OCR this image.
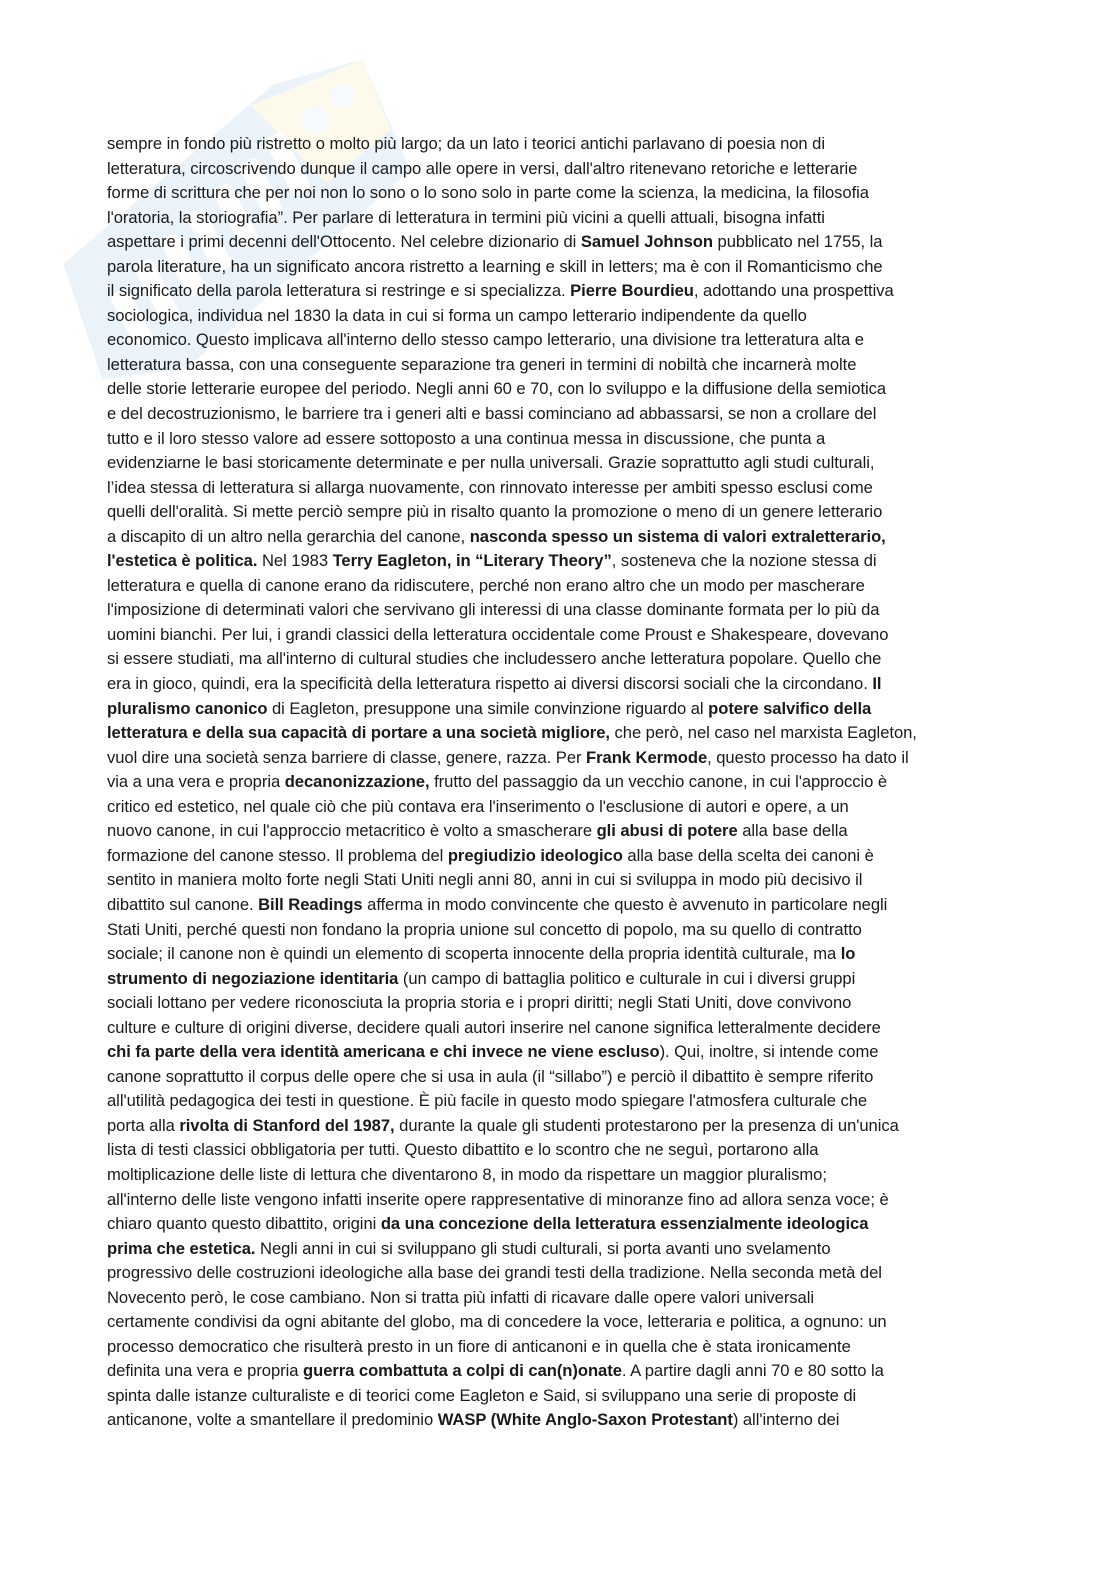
sempre in fondo più ristretto o molto più largo; da un lato i teorici antichi parlavano di poesia non di
letteratura, circoscrivendo dunque il campo alle opere in versi, dall'altro ritenevano retoriche e letterarie
forme di scrittura che per noi non lo sono o lo sono solo in parte come la scienza, la medicina, la filosofia
l'oratoria, la storiografia”. Per parlare di letteratura in termini più vicini a quelli attuali, bisogna infatti
aspettare i primi decenni dell'Ottocento. Nel celebre dizionario di Samuel Johnson pubblicato nel 1755, la
parola literature, ha un significato ancora ristretto a learning e skill in letters; ma è con il Romanticismo che
il significato della parola letteratura si restringe e si specializza. Pierre Bourdieu, adottando una prospettiva
sociologica, individua nel 1830 la data in cui si forma un campo letterario indipendente da quello
economico. Questo implicava all'interno dello stesso campo letterario, una divisione tra letteratura alta e
letteratura bassa, con una conseguente separazione tra generi in termini di nobiltà che incarnerà molte
delle storie letterarie europee del periodo. Negli anni 60 e 70, con lo sviluppo e la diffusione della semiotica
e del decostruzionismo, le barriere tra i generi alti e bassi cominciano ad abbassarsi, se non a crollare del
tutto e il loro stesso valore ad essere sottoposto a una continua messa in discussione, che punta a
evidenziarne le basi storicamente determinate e per nulla universali. Grazie soprattutto agli studi culturali,
l’idea stessa di letteratura si allarga nuovamente, con rinnovato interesse per ambiti spesso esclusi come
quelli dell'oralità. Si mette perciò sempre più in risalto quanto la promozione o meno di un genere letterario
a discapito di un altro nella gerarchia del canone, nasconda spesso un sistema di valori extraletterario,
l'estetica è politica. Nel 1983 Terry Eagleton, in “Literary Theory”, sosteneva che la nozione stessa di
letteratura e quella di canone erano da ridiscutere, perché non erano altro che un modo per mascherare
l'imposizione di determinati valori che servivano gli interessi di una classe dominante formata per lo più da
uomini bianchi. Per lui, i grandi classici della letteratura occidentale come Proust e Shakespeare, dovevano
si essere studiati, ma all'interno di cultural studies che includessero anche letteratura popolare. Quello che
era in gioco, quindi, era la specificità della letteratura rispetto ai diversi discorsi sociali che la circondano. Il
pluralismo canonico di Eagleton, presuppone una simile convinzione riguardo al potere salvifico della
letteratura e della sua capacità di portare a una società migliore, che però, nel caso nel marxista Eagleton,
vuol dire una società senza barriere di classe, genere, razza. Per Frank Kermode, questo processo ha dato il
via a una vera e propria decanonizzazione, frutto del passaggio da un vecchio canone, in cui l'approccio è
critico ed estetico, nel quale ciò che più contava era l'inserimento o l'esclusione di autori e opere, a un
nuovo canone, in cui l'approccio metacritico è volto a smascherare gli abusi di potere alla base della
formazione del canone stesso. Il problema del pregiudizio ideologico alla base della scelta dei canoni è
sentito in maniera molto forte negli Stati Uniti negli anni 80, anni in cui si sviluppa in modo più decisivo il
dibattito sul canone. Bill Readings afferma in modo convincente che questo è avvenuto in particolare negli
Stati Uniti, perché questi non fondano la propria unione sul concetto di popolo, ma su quello di contratto
sociale; il canone non è quindi un elemento di scoperta innocente della propria identità culturale, ma lo
strumento di negoziazione identitaria (un campo di battaglia politico e culturale in cui i diversi gruppi
sociali lottano per vedere riconosciuta la propria storia e i propri diritti; negli Stati Uniti, dove convivono
culture e culture di origini diverse, decidere quali autori inserire nel canone significa letteralmente decidere
chi fa parte della vera identità americana e chi invece ne viene escluso). Qui, inoltre, si intende come
canone soprattutto il corpus delle opere che si usa in aula (il “sillabo”) e perciò il dibattito è sempre riferito
all'utilità pedagogica dei testi in questione. È più facile in questo modo spiegare l'atmosfera culturale che
porta alla rivolta di Stanford del 1987, durante la quale gli studenti protestarono per la presenza di un'unica
lista di testi classici obbligatoria per tutti. Questo dibattito e lo scontro che ne seguì, portarono alla
moltiplicazione delle liste di lettura che diventarono 8, in modo da rispettare un maggior pluralismo;
all'interno delle liste vengono infatti inserite opere rappresentative di minoranze fino ad allora senza voce; è
chiaro quanto questo dibattito, origini da una concezione della letteratura essenzialmente ideologica
prima che estetica. Negli anni in cui si sviluppano gli studi culturali, si porta avanti uno svelamento
progressivo delle costruzioni ideologiche alla base dei grandi testi della tradizione. Nella seconda metà del
Novecento però, le cose cambiano. Non si tratta più infatti di ricavare dalle opere valori universali
certamente condivisi da ogni abitante del globo, ma di concedere la voce, letteraria e politica, a ognuno: un
processo democratico che risulterà presto in un fiore di anticanoni e in quella che è stata ironicamente
definita una vera e propria guerra combattuta a colpi di can(n)onate. A partire dagli anni 70 e 80 sotto la
spinta dalle istanze culturaliste e di teorici come Eagleton e Said, si sviluppano una serie di proposte di
anticanone, volte a smantellare il predominio WASP (White Anglo-Saxon Protestant) all'interno dei
